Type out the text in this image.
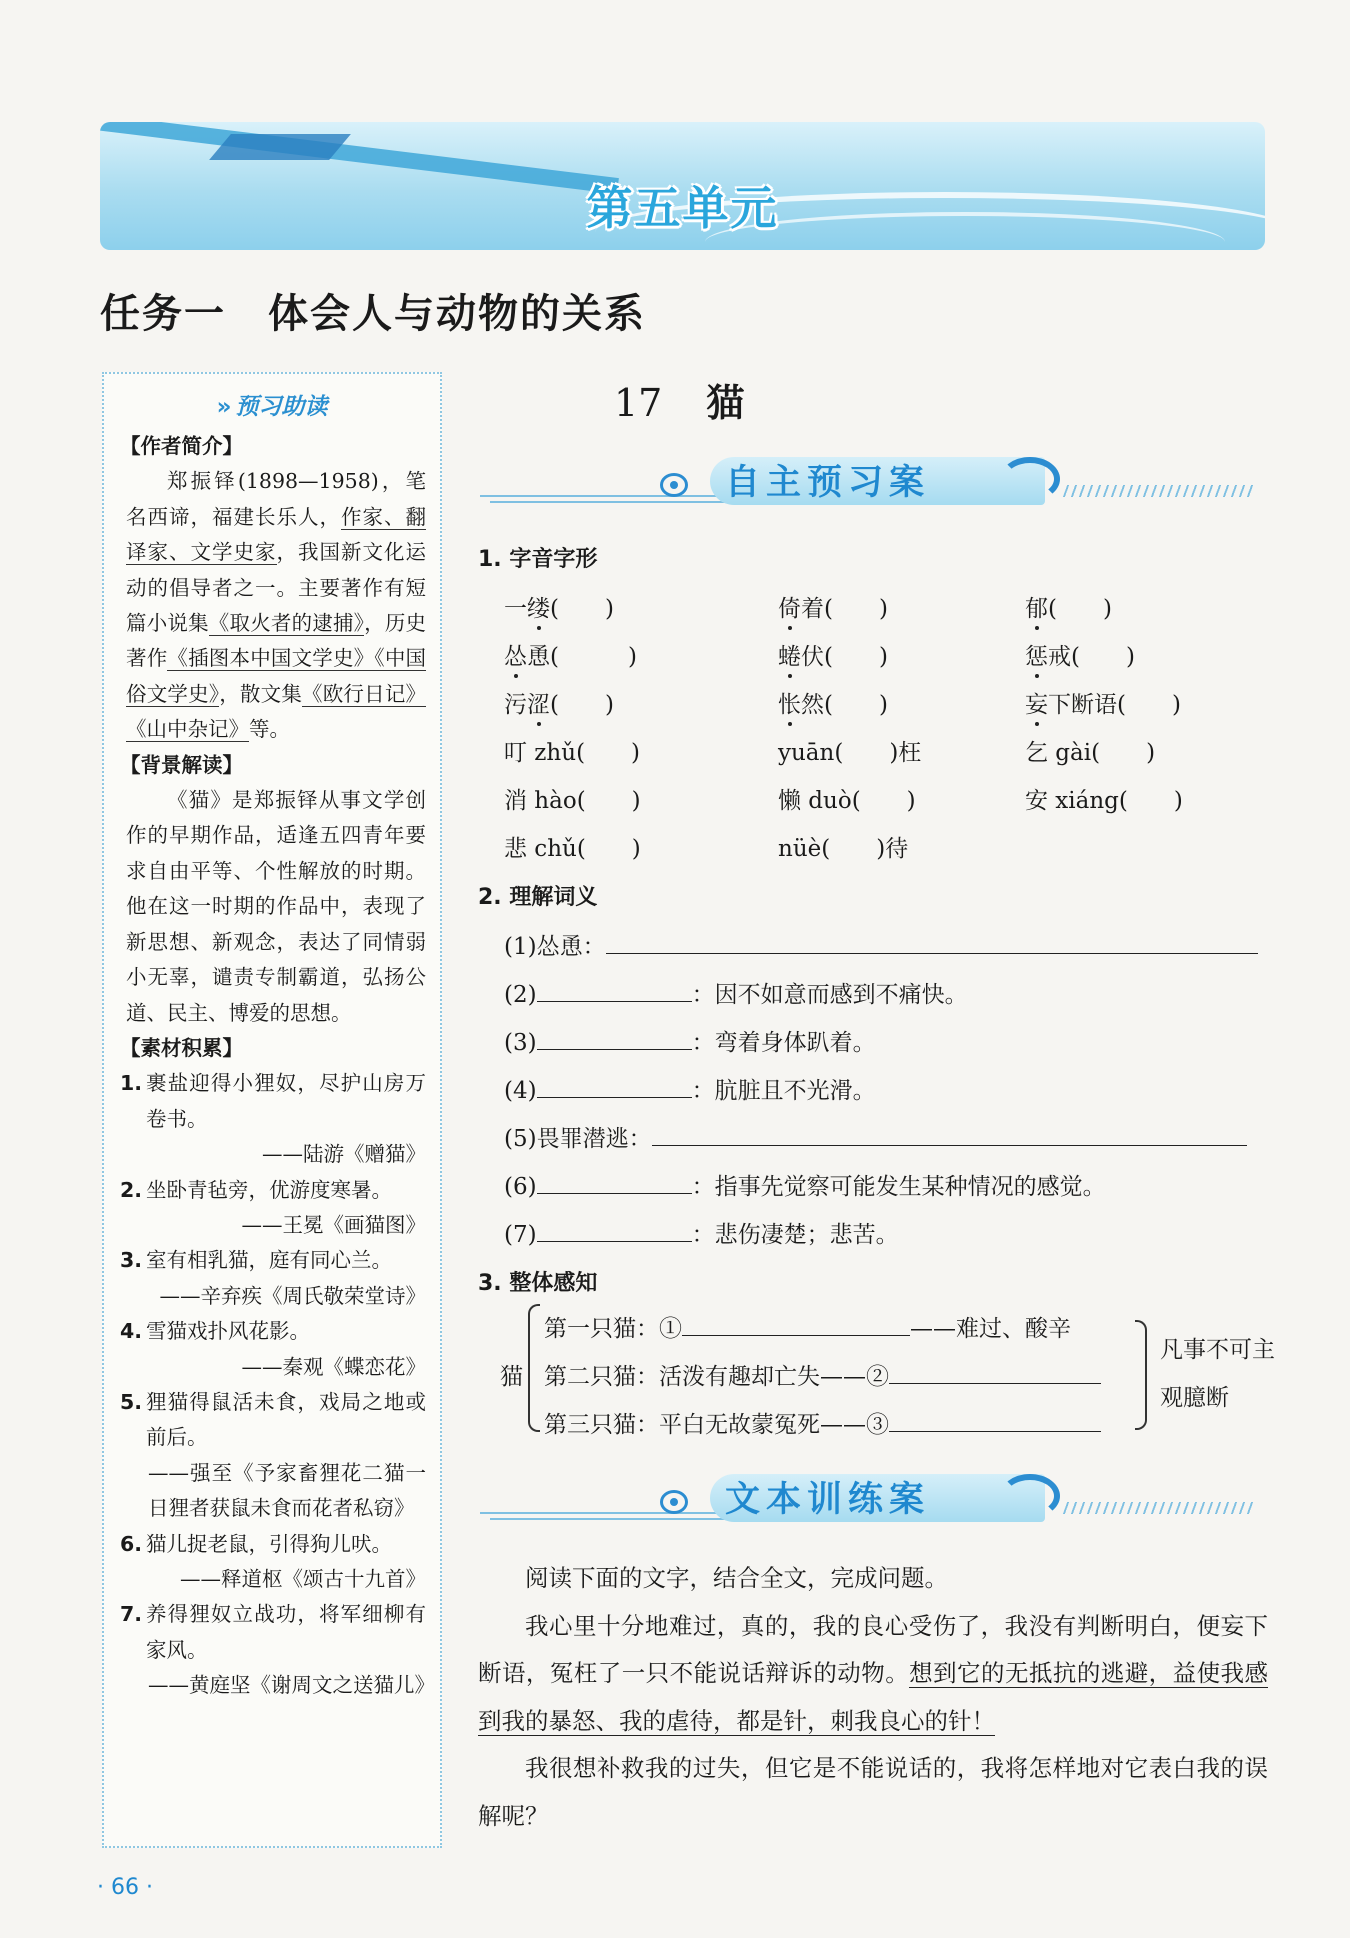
第五单元
任务一　体会人与动物的关系
» 预习助读
【作者简介】

郑振铎(1898—1958)，笔名西谛，福建长乐人，作家、翻译家、文学史家，我国新文化运动的倡导者之一。主要著作有短篇小说集《取火者的逮捕》，历史著作《插图本中国文学史》《中国俗文学史》，散文集《欧行日记》《山中杂记》等。

【背景解读】

《猫》是郑振铎从事文学创作的早期作品，适逢五四青年要求自由平等、个性解放的时期。他在这一时期的作品中，表现了新思想、新观念，表达了同情弱小无辜，谴责专制霸道，弘扬公道、民主、博爱的思想。

【素材积累】
1. 裹盐迎得小狸奴，尽护山房万卷书。
——陆游《赠猫》
2. 坐卧青毡旁，优游度寒暑。
——王冕《画猫图》
3. 室有相乳猫，庭有同心兰。
——辛弃疾《周氏敬荣堂诗》
4. 雪猫戏扑风花影。
——秦观《蝶恋花》
5. 狸猫得鼠活未食，戏局之地或前后。
——强至《予家畜狸花二猫一日狸者获鼠未食而花者私窃》
6. 猫儿捉老鼠，引得狗儿吠。
——释道枢《颂古十九首》
7. 养得狸奴立战功，将军细柳有家风。
——黄庭坚《谢周文之送猫儿》
17 猫
自主预习案
1. 字音字形
一缕(　　)	倚着(　　)	郁(　　)
怂恿(　　　)	蜷伏(　　)	惩戒(　　)
污涩(　　)	怅然(　　)	妄下断语(　　)
叮 zhǔ(　　)	yuān(　　)枉	乞 gài(　　)
消 hào(　　)	懒 duò(　　)	安 xiáng(　　)
悲 chǔ(　　)	nüè(　　)待
2. 理解词义
(1)怂恿：
(2)	：因不如意而感到不痛快。
(3)	：弯着身体趴着。
(4)	：肮脏且不光滑。
(5)畏罪潜逃：
(6)	：指事先觉察可能发生某种情况的感觉。
(7)	：悲伤凄楚；悲苦。
3. 整体感知
猫
第一只猫：①	——难过、酸辛
第二只猫：活泼有趣却亡失——②
第三只猫：平白无故蒙冤死——③
凡事不可主观臆断
文本训练案

阅读下面的文字，结合全文，完成问题。

我心里十分地难过，真的，我的良心受伤了，我没有判断明白，便妄下断语，冤枉了一只不能说话辩诉的动物。想到它的无抵抗的逃避，益使我感到我的暴怒、我的虐待，都是针，刺我良心的针！

我很想补救我的过失，但它是不能说话的，我将怎样地对它表白我的误解呢？

· 66 ·
